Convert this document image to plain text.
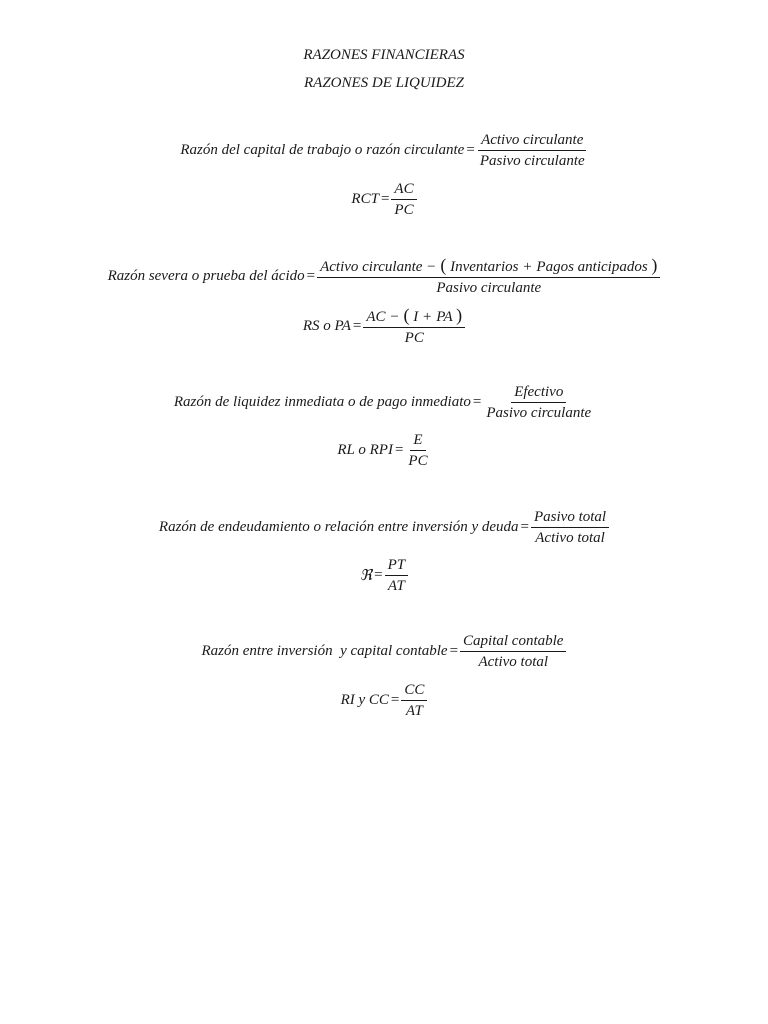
RAZONES FINANCIERAS
RAZONES DE LIQUIDEZ
Razón del capital de trabajo o razón circulante = $\frac{\text{Activo circulante}}{\text{Pasivo circulante}}$
RCT = $\frac{AC}{PC}$
Razón severa o prueba del ácido =
Activo circulante − ( Inventarios + Pagos anticipados )
Pasivo circulante
RS o PA = $\frac{AC - ( I + PA )}{PC}$
Razón de liquidez inmediata o de pago inmediato = $\frac{\text{Efectivo}}{\text{Pasivo circulante}}$
RL o RPI = $\frac{E}{PC}$
Razón de endeudamiento o relación entre inversión y deuda = $\frac{\text{Pasivo total}}{\text{Activo total}}$
ℜ = $\frac{PT}{AT}$
Razón entre inversión  y capital contable = $\frac{\text{Capital contable}}{\text{Activo total}}$
RI y CC = $\frac{CC}{AT}$
